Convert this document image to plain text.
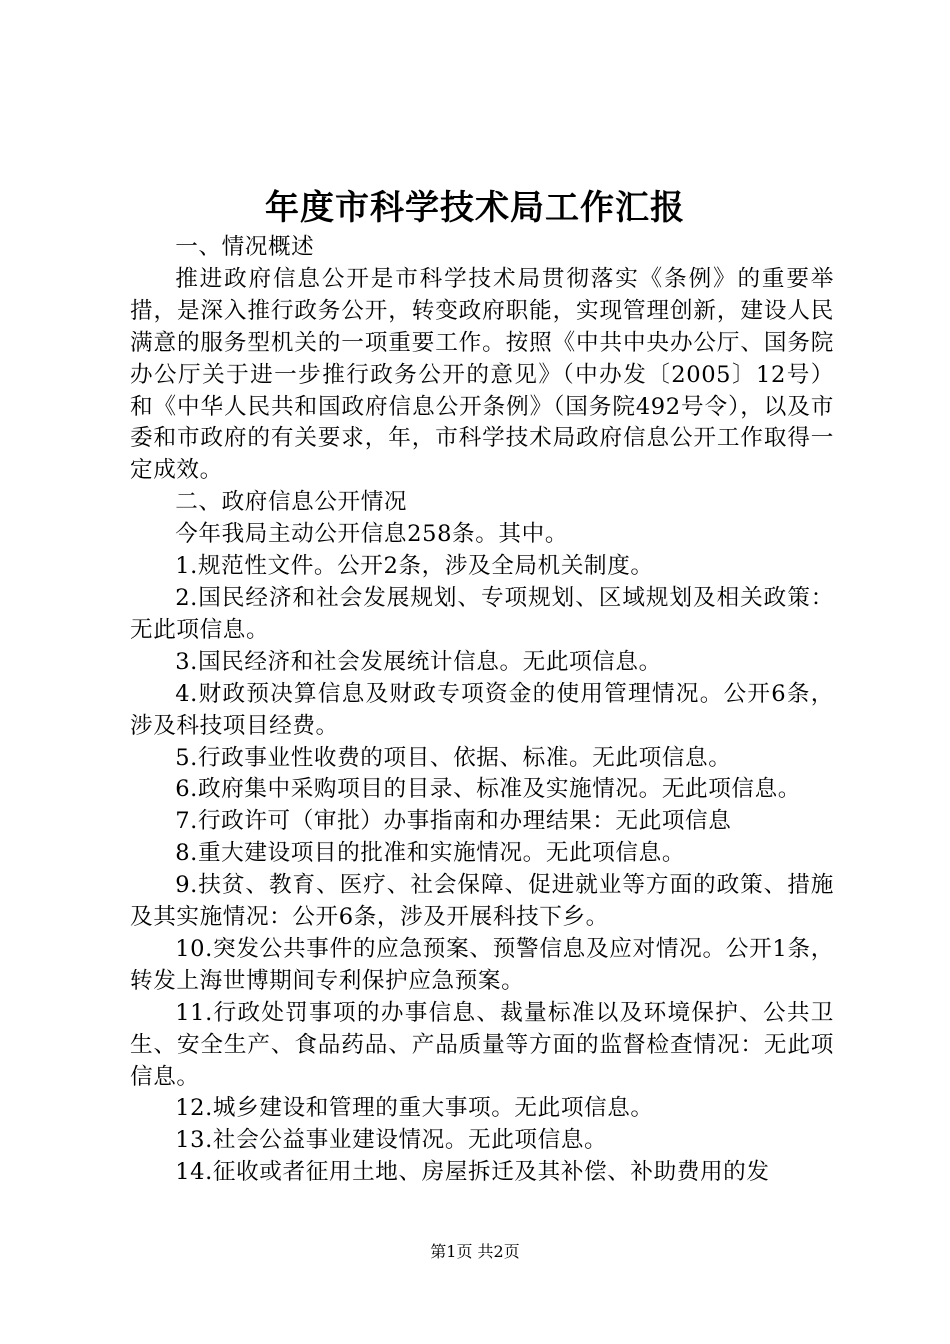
年度市科学技术局工作汇报

一、情况概述

推进政府信息公开是市科学技术局贯彻落实《条例》的重要举措，是深入推行政务公开，转变政府职能，实现管理创新，建设人民满意的服务型机关的一项重要工作。按照《中共中央办公厅、国务院办公厅关于进一步推行政务公开的意见》（中办发〔2005〕12号）和《中华人民共和国政府信息公开条例》（国务院492号令），以及市委和市政府的有关要求，年，市科学技术局政府信息公开工作取得一定成效。

二、政府信息公开情况

今年我局主动公开信息258条。其中。

1.规范性文件。公开2条，涉及全局机关制度。

2.国民经济和社会发展规划、专项规划、区域规划及相关政策：无此项信息。

3.国民经济和社会发展统计信息。无此项信息。

4.财政预决算信息及财政专项资金的使用管理情况。公开6条，涉及科技项目经费。

5.行政事业性收费的项目、依据、标准。无此项信息。

6.政府集中采购项目的目录、标准及实施情况。无此项信息。

7.行政许可（审批）办事指南和办理结果：无此项信息

8.重大建设项目的批准和实施情况。无此项信息。

9.扶贫、教育、医疗、社会保障、促进就业等方面的政策、措施及其实施情况：公开6条，涉及开展科技下乡。

10.突发公共事件的应急预案、预警信息及应对情况。公开1条，转发上海世博期间专利保护应急预案。

11.行政处罚事项的办事信息、裁量标准以及环境保护、公共卫生、安全生产、食品药品、产品质量等方面的监督检查情况：无此项信息。

12.城乡建设和管理的重大事项。无此项信息。

13.社会公益事业建设情况。无此项信息。

14.征收或者征用土地、房屋拆迁及其补偿、补助费用的发

第1页 共2页
